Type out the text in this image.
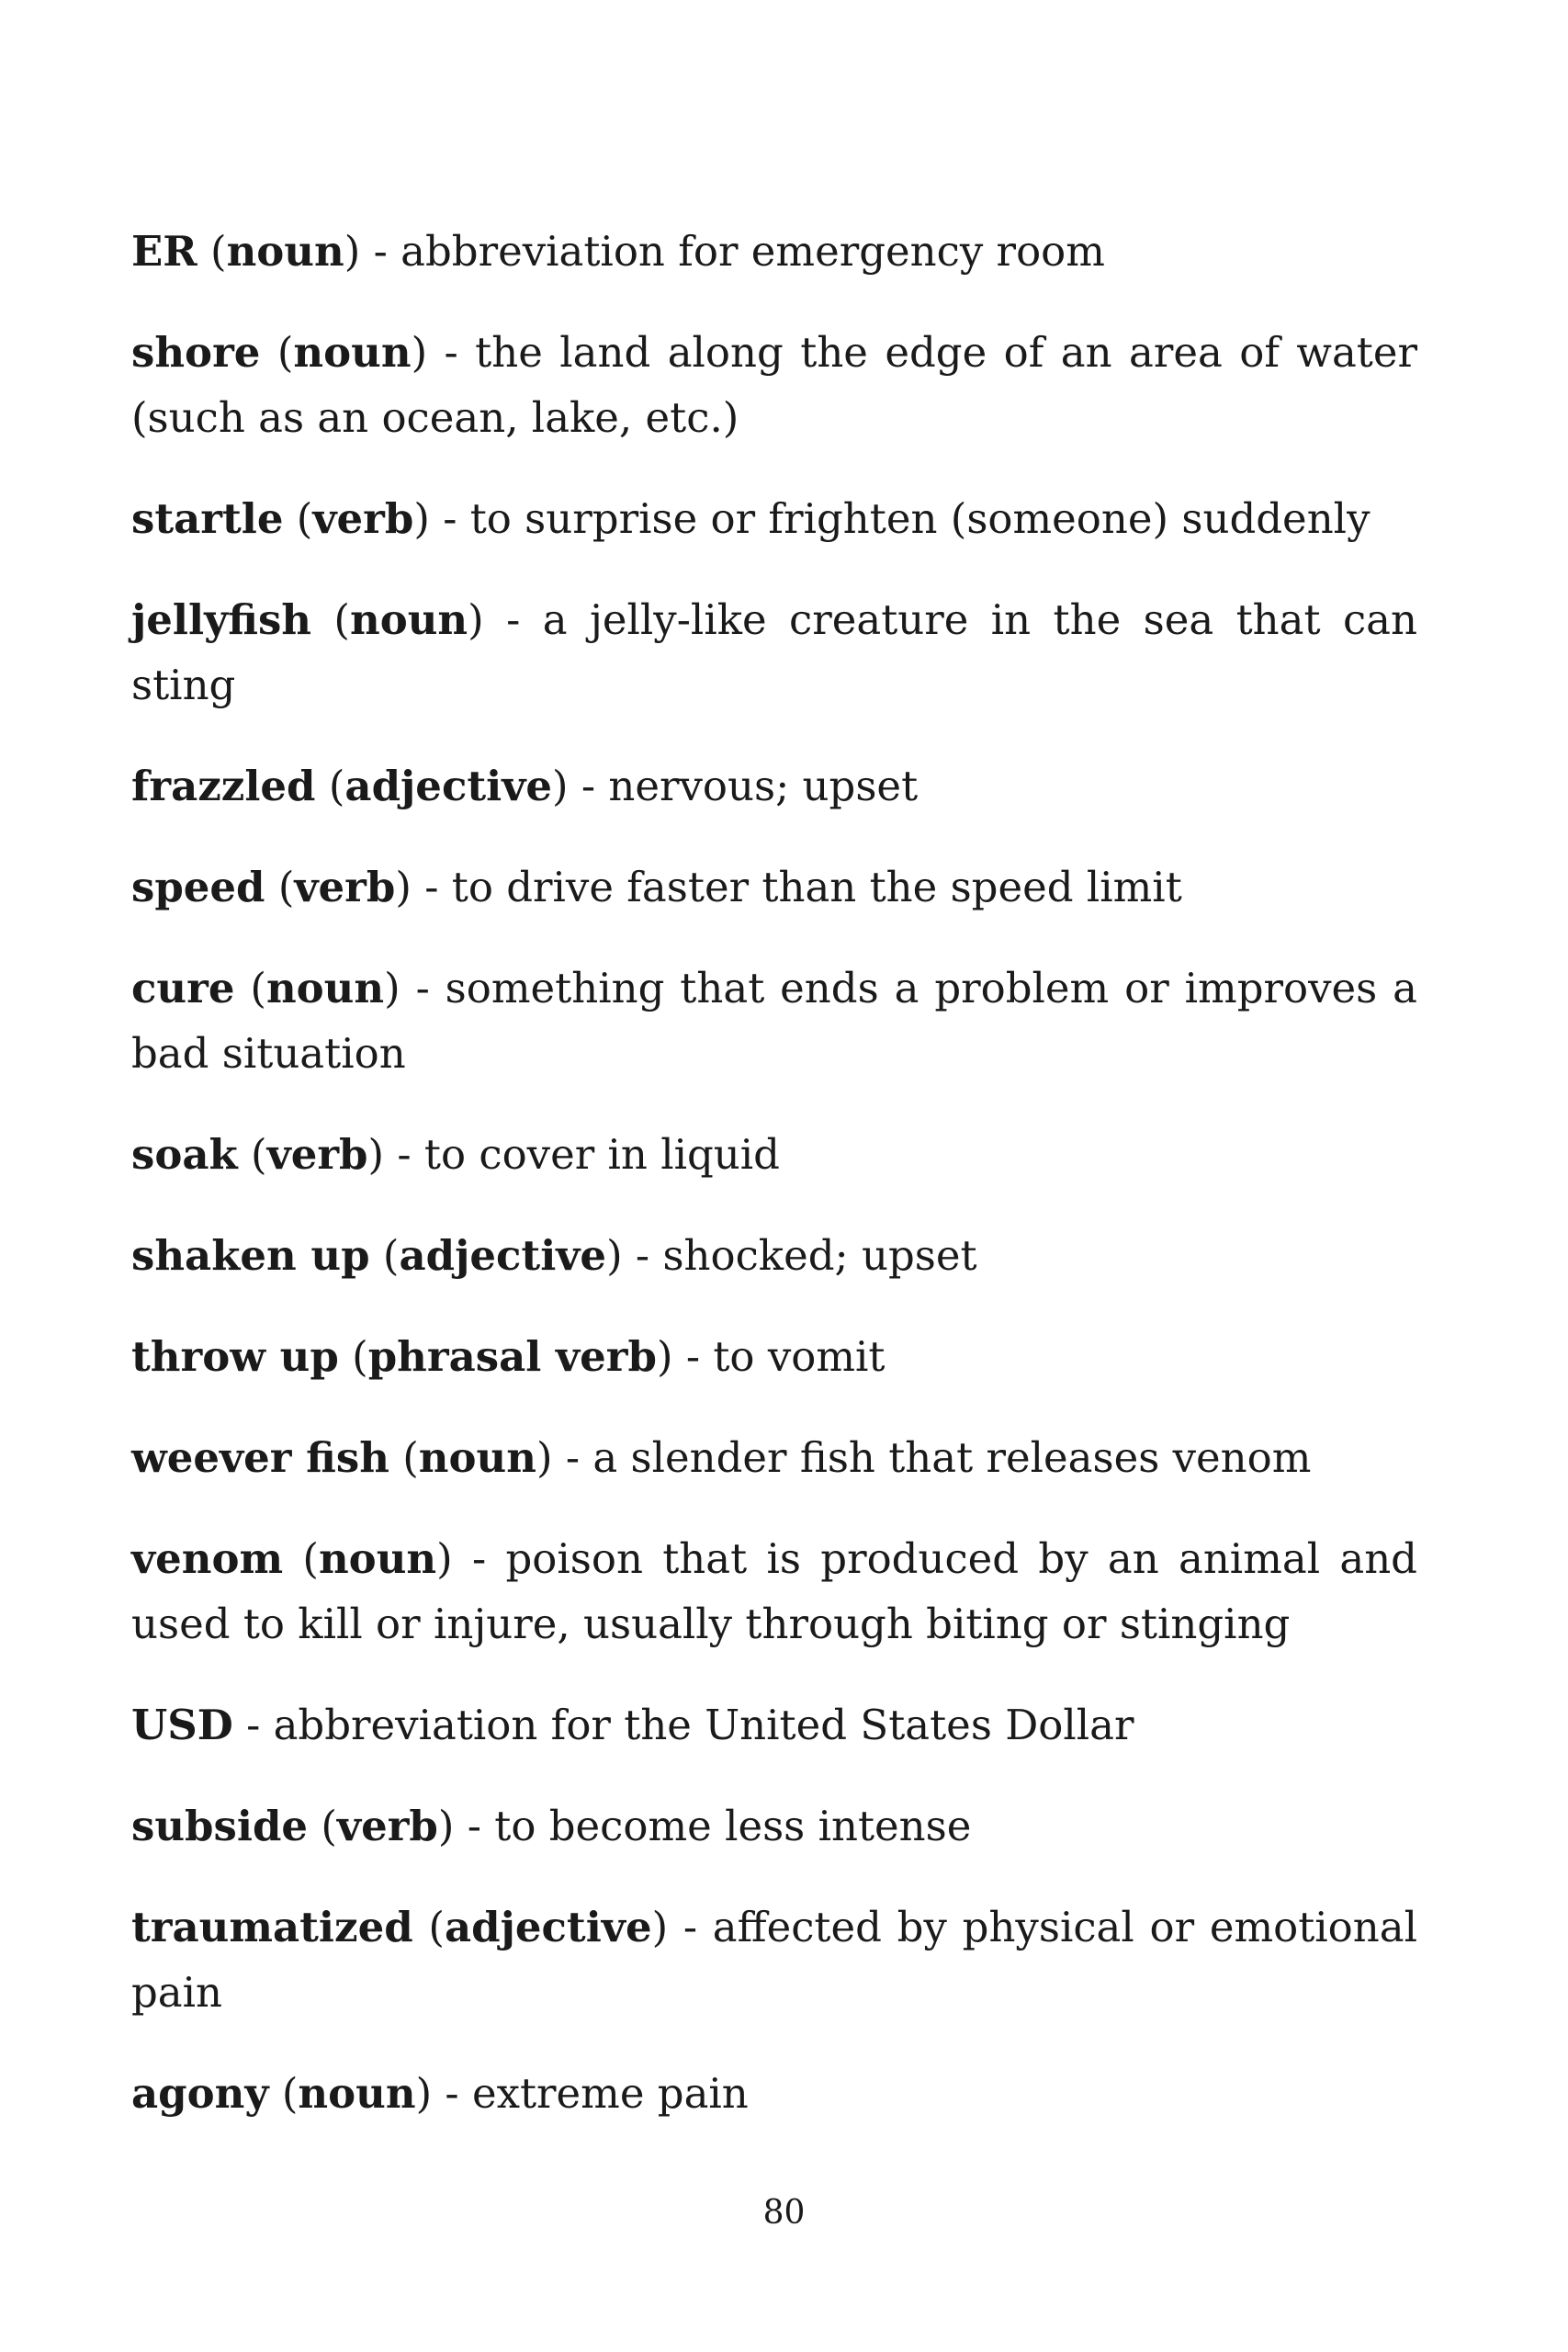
ER (noun) - abbreviation for emergency room

shore (noun) - the land along the edge of an area of water (such as an ocean, lake, etc.)

startle (verb) - to surprise or frighten (someone) suddenly

jellyfish (noun) - a jelly-like creature in the sea that can sting

frazzled (adjective) - nervous; upset

speed (verb) - to drive faster than the speed limit

cure (noun) - something that ends a problem or improves a bad situation

soak (verb) - to cover in liquid

shaken up (adjective) - shocked; upset

throw up (phrasal verb) - to vomit

weever fish (noun) - a slender fish that releases venom

venom (noun) - poison that is produced by an animal and used to kill or injure, usually through biting or stinging

USD - abbreviation for the United States Dollar

subside (verb) - to become less intense

traumatized (adjective) - affected by physical or emotional pain

agony (noun) - extreme pain

80
